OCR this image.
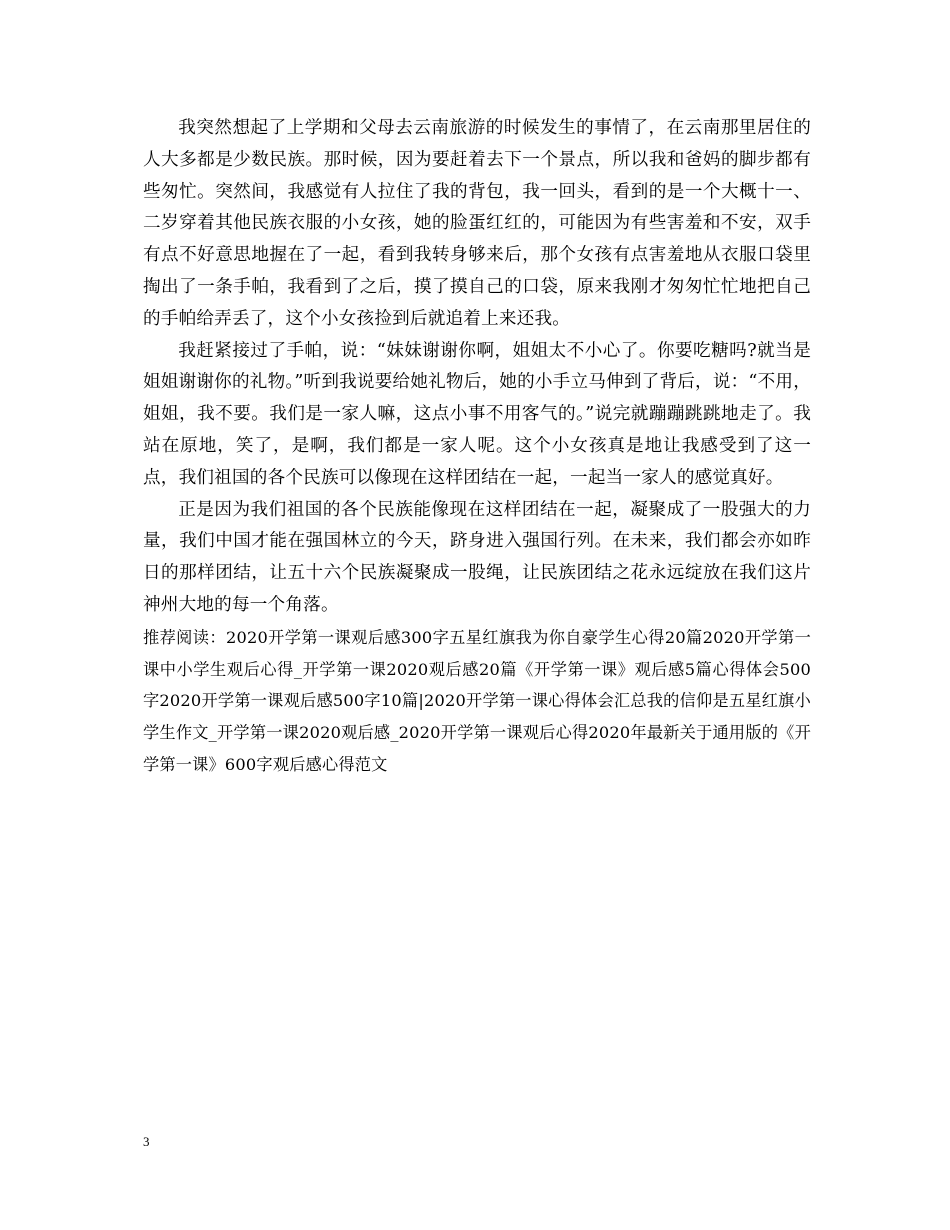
我突然想起了上学期和父母去云南旅游的时候发生的事情了，在云南那里居住的人大多都是少数民族。那时候，因为要赶着去下一个景点，所以我和爸妈的脚步都有些匆忙。突然间，我感觉有人拉住了我的背包，我一回头，看到的是一个大概十一、二岁穿着其他民族衣服的小女孩，她的脸蛋红红的，可能因为有些害羞和不安，双手有点不好意思地握在了一起，看到我转身够来后，那个女孩有点害羞地从衣服口袋里掏出了一条手帕，我看到了之后，摸了摸自己的口袋，原来我刚才匆匆忙忙地把自己的手帕给弄丢了，这个小女孩捡到后就追着上来还我。

我赶紧接过了手帕，说：“妹妹谢谢你啊，姐姐太不小心了。你要吃糖吗?就当是姐姐谢谢你的礼物。”听到我说要给她礼物后，她的小手立马伸到了背后，说：“不用，姐姐，我不要。我们是一家人嘛，这点小事不用客气的。”说完就蹦蹦跳跳地走了。我站在原地，笑了，是啊，我们都是一家人呢。这个小女孩真是地让我感受到了这一点，我们祖国的各个民族可以像现在这样团结在一起，一起当一家人的感觉真好。

正是因为我们祖国的各个民族能像现在这样团结在一起，凝聚成了一股强大的力量，我们中国才能在强国林立的今天，跻身进入强国行列。在未来，我们都会亦如昨日的那样团结，让五十六个民族凝聚成一股绳，让民族团结之花永远绽放在我们这片神州大地的每一个角落。

推荐阅读：2020开学第一课观后感300字五星红旗我为你自豪学生心得20篇2020开学第一课中小学生观后心得_开学第一课2020观后感20篇《开学第一课》观后感5篇心得体会500字2020开学第一课观后感500字10篇|2020开学第一课心得体会汇总我的信仰是五星红旗小学生作文_开学第一课2020观后感_2020开学第一课观后心得2020年最新关于通用版的《开学第一课》600字观后感心得范文

3
